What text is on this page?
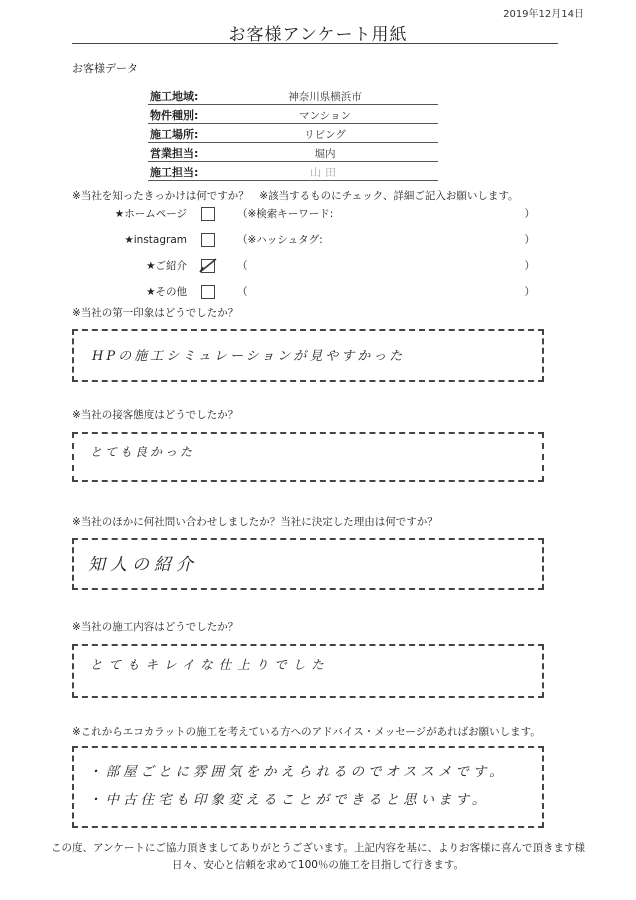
2019年12月14日
お客様アンケート用紙
お客様データ
施工地域:	神奈川県横浜市
物件種別:	マンション
施工場所:	リビング
営業担当:	堀内
施工担当:	山田
※当社を知ったきっかけは何ですか？　※該当するものにチェック、詳細ご記入お願いします。
★ホームページ	（※検索キーワード:	）
★instagram	（※ハッシュタグ:	）
★ご紹介	（	）
★その他	（	）
※当社の第一印象はどうでしたか？
HPの施工シミュレーションが見やすかった
※当社の接客態度はどうでしたか？
とても良かった
※当社のほかに何社問い合わせしましたか？当社に決定した理由は何ですか？
知人の紹介
※当社の施工内容はどうでしたか？
とてもキレイな仕上りでした
※これからエコカラットの施工を考えている方へのアドバイス・メッセージがあればお願いします。
・部屋ごとに雰囲気をかえられるのでオススメです。
・中古住宅も印象変えることができると思います。
この度、アンケートにご協力頂きましてありがとうございます。上記内容を基に、よりお客様に喜んで頂きます様
日々、安心と信頼を求めて100％の施工を目指して行きます。
